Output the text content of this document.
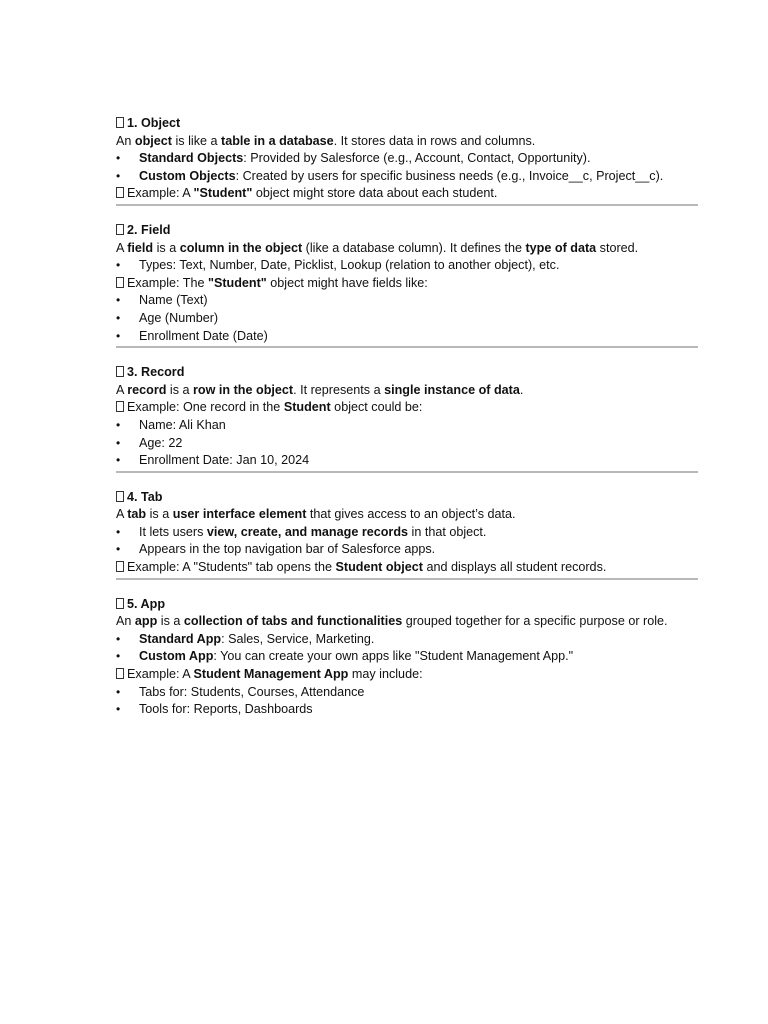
1. Object
An object is like a table in a database. It stores data in rows and columns.
• Standard Objects: Provided by Salesforce (e.g., Account, Contact, Opportunity).
• Custom Objects: Created by users for specific business needs (e.g., Invoice__c, Project__c).
Example: A "Student" object might store data about each student.
2. Field
A field is a column in the object (like a database column). It defines the type of data stored.
• Types: Text, Number, Date, Picklist, Lookup (relation to another object), etc.
Example: The "Student" object might have fields like:
• Name (Text)
• Age (Number)
• Enrollment Date (Date)
3. Record
A record is a row in the object. It represents a single instance of data.
Example: One record in the Student object could be:
• Name: Ali Khan
• Age: 22
• Enrollment Date: Jan 10, 2024
4. Tab
A tab is a user interface element that gives access to an object’s data.
• It lets users view, create, and manage records in that object.
• Appears in the top navigation bar of Salesforce apps.
Example: A "Students" tab opens the Student object and displays all student records.
5. App
An app is a collection of tabs and functionalities grouped together for a specific purpose or role.
• Standard App: Sales, Service, Marketing.
• Custom App: You can create your own apps like "Student Management App."
Example: A Student Management App may include:
• Tabs for: Students, Courses, Attendance
• Tools for: Reports, Dashboards
